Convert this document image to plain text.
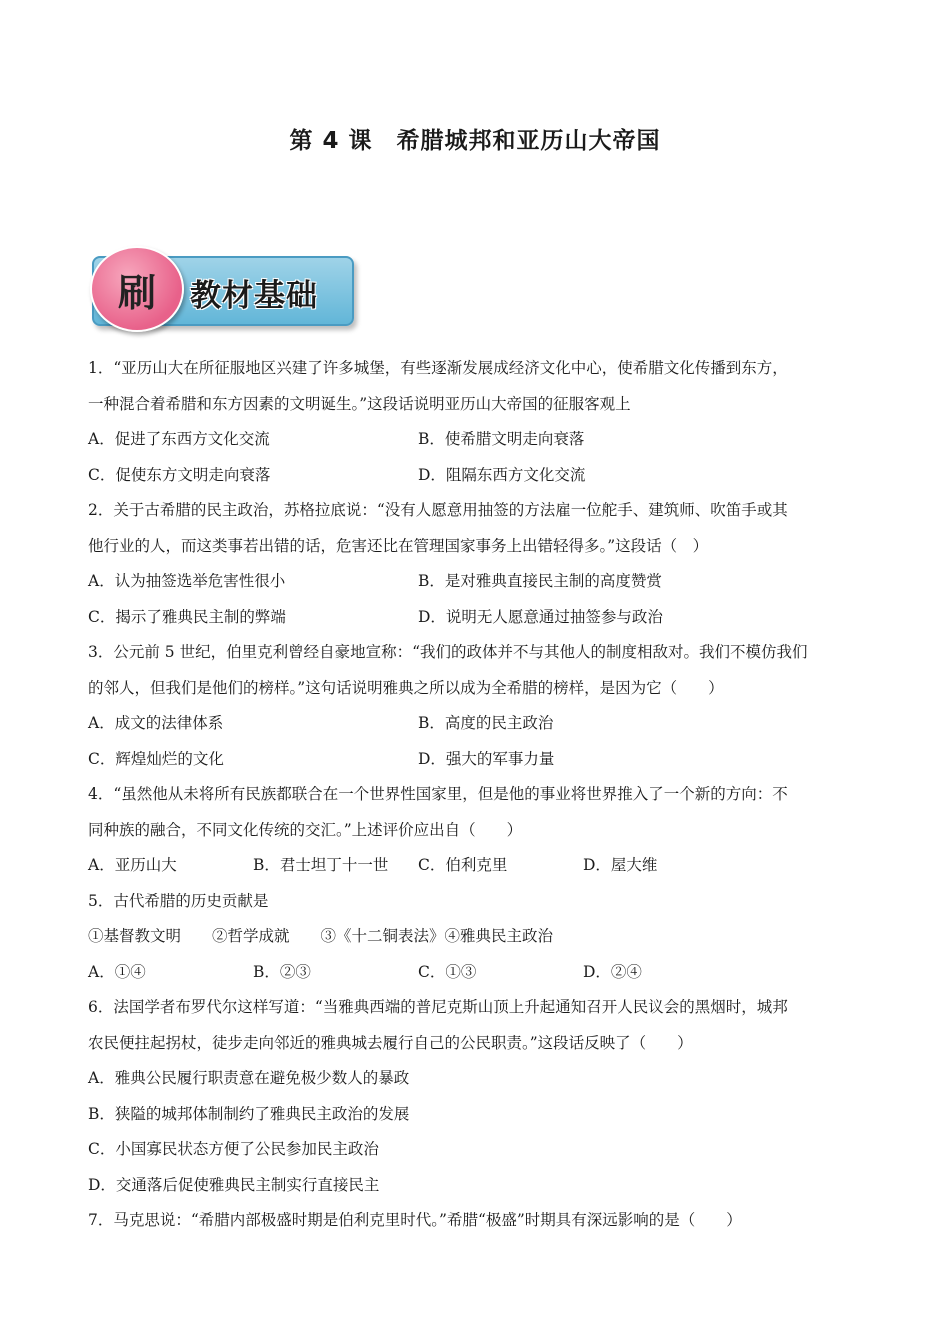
第 4 课　希腊城邦和亚历山大帝国
刷 教材基础
1．“亚历山大在所征服地区兴建了许多城堡，有些逐渐发展成经济文化中心，使希腊文化传播到东方，
一种混合着希腊和东方因素的文明诞生。”这段话说明亚历山大帝国的征服客观上
A．促进了东西方文化交流	B．使希腊文明走向衰落
C．促使东方文明走向衰落	D．阻隔东西方文化交流
2．关于古希腊的民主政治，苏格拉底说：“没有人愿意用抽签的方法雇一位舵手、建筑师、吹笛手或其
他行业的人，而这类事若出错的话，危害还比在管理国家事务上出错轻得多。”这段话（　）
A．认为抽签选举危害性很小	B．是对雅典直接民主制的高度赞赏
C．揭示了雅典民主制的弊端	D．说明无人愿意通过抽签参与政治
3．公元前 5 世纪，伯里克利曾经自豪地宣称：“我们的政体并不与其他人的制度相敌对。我们不模仿我们
的邻人，但我们是他们的榜样。”这句话说明雅典之所以成为全希腊的榜样，是因为它（　　）
A．成文的法律体系	B．高度的民主政治
C．辉煌灿烂的文化	D．强大的军事力量
4．“虽然他从未将所有民族都联合在一个世界性国家里，但是他的事业将世界推入了一个新的方向：不
同种族的融合，不同文化传统的交汇。”上述评价应出自（　　）
A．亚历山大	B．君士坦丁十一世	C．伯利克里	D．屋大维
5．古代希腊的历史贡献是
①基督教文明　　②哲学成就　　③《十二铜表法》④雅典民主政治
A．①④	B．②③	C．①③	D．②④
6．法国学者布罗代尔这样写道：“当雅典西端的普尼克斯山顶上升起通知召开人民议会的黑烟时，城邦
农民便拄起拐杖，徒步走向邻近的雅典城去履行自己的公民职责。”这段话反映了（　　）
A．雅典公民履行职责意在避免极少数人的暴政
B．狭隘的城邦体制制约了雅典民主政治的发展
C．小国寡民状态方便了公民参加民主政治
D．交通落后促使雅典民主制实行直接民主
7．马克思说：“希腊内部极盛时期是伯利克里时代。”希腊“极盛”时期具有深远影响的是（　　）
